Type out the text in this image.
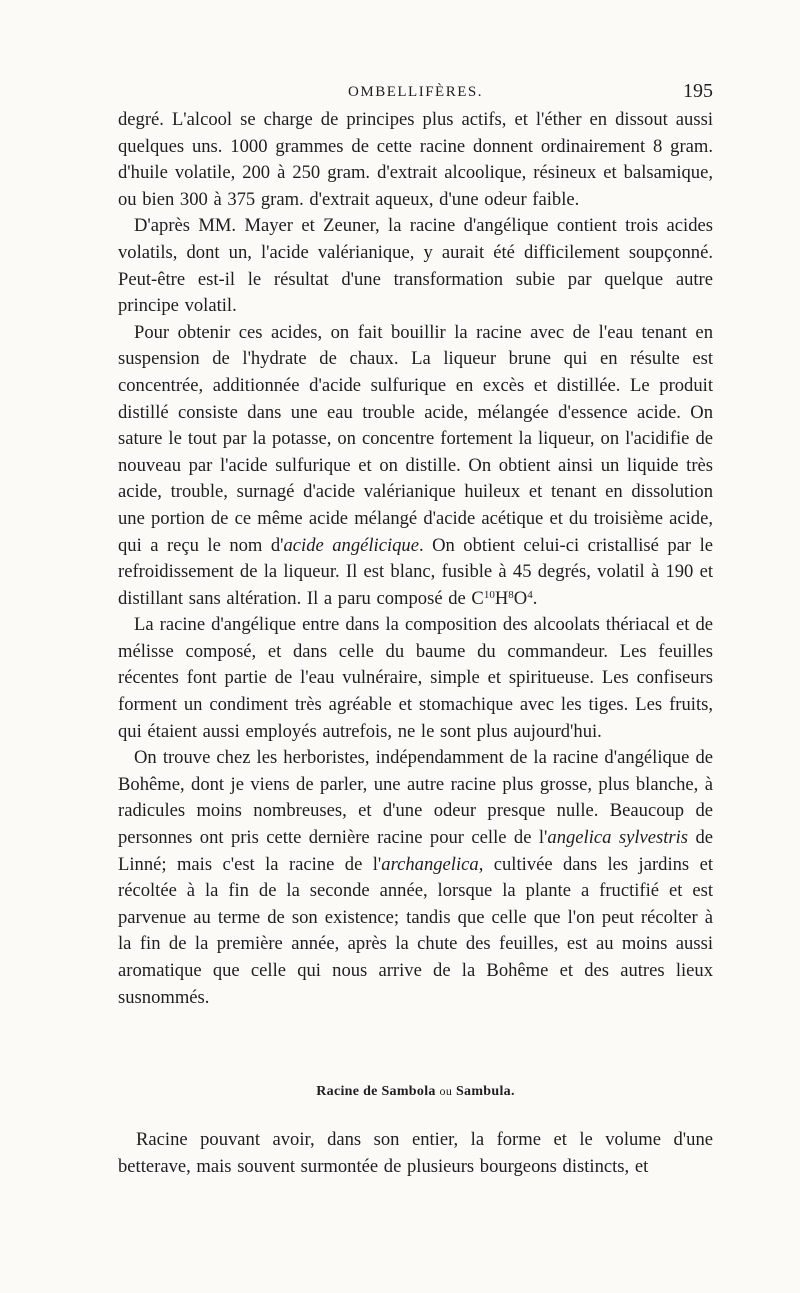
OMBELLIFÈRES.	195

degré. L'alcool se charge de principes plus actifs, et l'éther en dissout aussi quelques uns. 1000 grammes de cette racine donnent ordinairement 8 gram. d'huile volatile, 200 à 250 gram. d'extrait alcoolique, résineux et balsamique, ou bien 300 à 375 gram. d'extrait aqueux, d'une odeur faible.

D'après MM. Mayer et Zeuner, la racine d'angélique contient trois acides volatils, dont un, l'acide valérianique, y aurait été difficilement soupçonné. Peut-être est-il le résultat d'une transformation subie par quelque autre principe volatil.

Pour obtenir ces acides, on fait bouillir la racine avec de l'eau tenant en suspension de l'hydrate de chaux. La liqueur brune qui en résulte est concentrée, additionnée d'acide sulfurique en excès et distillée. Le produit distillé consiste dans une eau trouble acide, mélangée d'essence acide. On sature le tout par la potasse, on concentre fortement la liqueur, on l'acidifie de nouveau par l'acide sulfurique et on distille. On obtient ainsi un liquide très acide, trouble, surnagé d'acide valérianique huileux et tenant en dissolution une portion de ce même acide mélangé d'acide acétique et du troisième acide, qui a reçu le nom d'acide angélicique. On obtient celui-ci cristallisé par le refroidissement de la liqueur. Il est blanc, fusible à 45 degrés, volatil à 190 et distillant sans altération. Il a paru composé de $C^{10}H^8O^4$.

La racine d'angélique entre dans la composition des alcoolats thériacal et de mélisse composé, et dans celle du baume du commandeur. Les feuilles récentes font partie de l'eau vulnéraire, simple et spiritueuse. Les confiseurs forment un condiment très agréable et stomachique avec les tiges. Les fruits, qui étaient aussi employés autrefois, ne le sont plus aujourd'hui.

On trouve chez les herboristes, indépendamment de la racine d'angélique de Bohême, dont je viens de parler, une autre racine plus grosse, plus blanche, à radicules moins nombreuses, et d'une odeur presque nulle. Beaucoup de personnes ont pris cette dernière racine pour celle de l'angelica sylvestris de Linné; mais c'est la racine de l'archangelica, cultivée dans les jardins et récoltée à la fin de la seconde année, lorsque la plante a fructifié et est parvenue au terme de son existence; tandis que celle que l'on peut récolter à la fin de la première année, après la chute des feuilles, est au moins aussi aromatique que celle qui nous arrive de la Bohême et des autres lieux susnommés.

Racine de Sambola ou Sambula.

Racine pouvant avoir, dans son entier, la forme et le volume d'une betterave, mais souvent surmontée de plusieurs bourgeons distincts, et
